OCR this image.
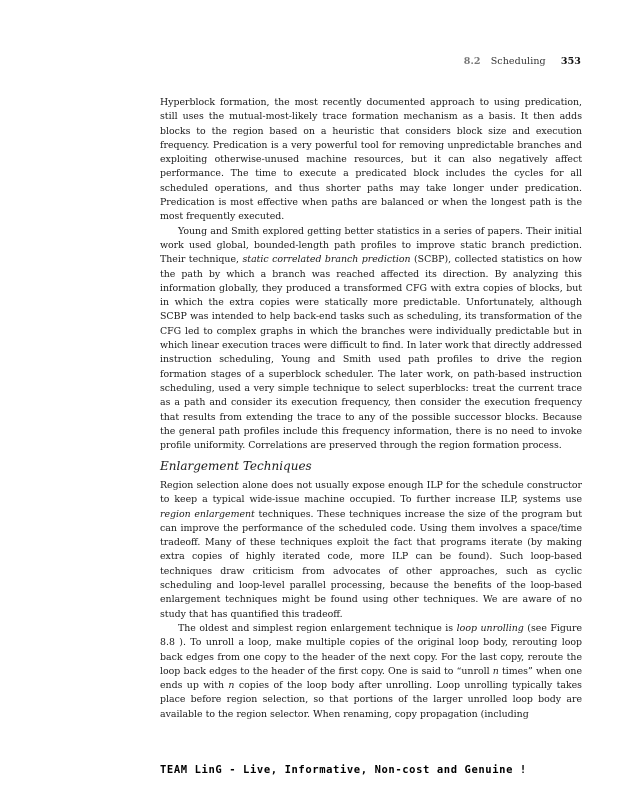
8.2 Scheduling 353

Hyperblock formation, the most recently documented approach to using predication, still uses the mutual-most-likely trace formation mechanism as a basis. It then adds blocks to the region based on a heuristic that considers block size and execution frequency. Predication is a very powerful tool for removing unpredictable branches and exploiting otherwise-unused machine resources, but it can also negatively affect performance. The time to execute a predicated block includes the cycles for all scheduled operations, and thus shorter paths may take longer under predication. Predication is most effective when paths are balanced or when the longest path is the most frequently executed.

Young and Smith explored getting better statistics in a series of papers. Their initial work used global, bounded-length path profiles to improve static branch prediction. Their technique, static correlated branch prediction (SCBP), collected statistics on how the path by which a branch was reached affected its direction. By analyzing this information globally, they produced a transformed CFG with extra copies of blocks, but in which the extra copies were statically more predictable. Unfortunately, although SCBP was intended to help back-end tasks such as scheduling, its transformation of the CFG led to complex graphs in which the branches were individually predictable but in which linear execution traces were difficult to find. In later work that directly addressed instruction scheduling, Young and Smith used path profiles to drive the region formation stages of a superblock scheduler. The later work, on path-based instruction scheduling, used a very simple technique to select superblocks: treat the current trace as a path and consider its execution frequency, then consider the execution frequency that results from extending the trace to any of the possible successor blocks. Because the general path profiles include this frequency information, there is no need to invoke profile uniformity. Correlations are preserved through the region formation process.

Enlargement Techniques

Region selection alone does not usually expose enough ILP for the schedule constructor to keep a typical wide-issue machine occupied. To further increase ILP, systems use region enlargement techniques. These techniques increase the size of the program but can improve the performance of the scheduled code. Using them involves a space/time tradeoff. Many of these techniques exploit the fact that programs iterate (by making extra copies of highly iterated code, more ILP can be found). Such loop-based techniques draw criticism from advocates of other approaches, such as cyclic scheduling and loop-level parallel processing, because the benefits of the loop-based enlargement techniques might be found using other techniques. We are aware of no study that has quantified this tradeoff.

The oldest and simplest region enlargement technique is loop unrolling (see Figure 8.8 ). To unroll a loop, make multiple copies of the original loop body, rerouting loop back edges from one copy to the header of the next copy. For the last copy, reroute the loop back edges to the header of the first copy. One is said to “unroll n times” when one ends up with n copies of the loop body after unrolling. Loop unrolling typically takes place before region selection, so that portions of the larger unrolled loop body are available to the region selector. When renaming, copy propagation (including

TEAM LinG - Live, Informative, Non-cost and Genuine !
